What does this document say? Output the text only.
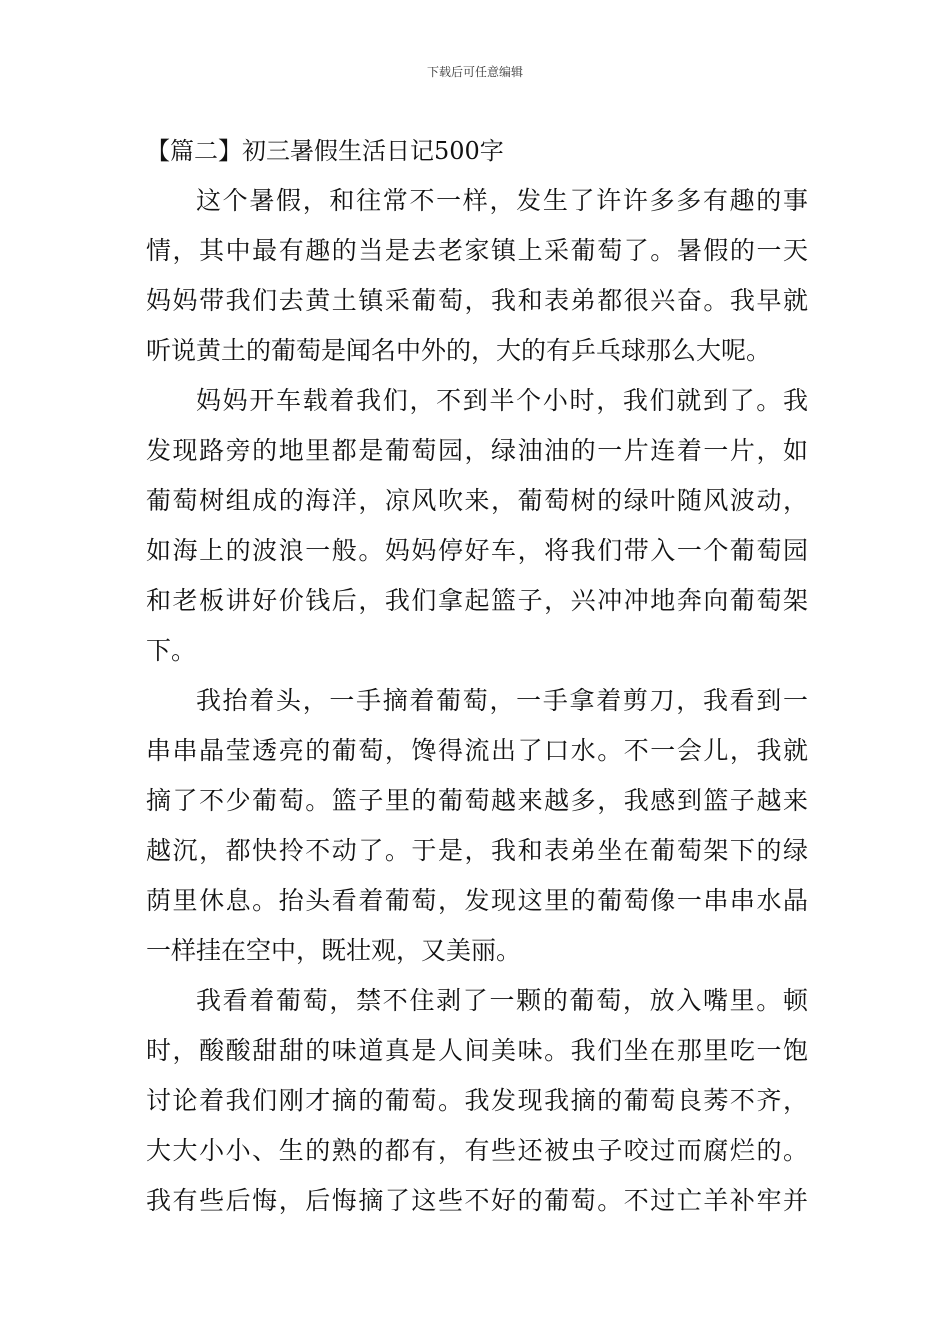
下载后可任意编辑
【篇二】初三暑假生活日记500字

这个暑假，和往常不一样，发生了许许多多有趣的事
情，其中最有趣的当是去老家镇上采葡萄了。暑假的一天
妈妈带我们去黄土镇采葡萄，我和表弟都很兴奋。我早就
听说黄土的葡萄是闻名中外的，大的有乒乓球那么大呢。

妈妈开车载着我们，不到半个小时，我们就到了。我
发现路旁的地里都是葡萄园，绿油油的一片连着一片，如
葡萄树组成的海洋，凉风吹来，葡萄树的绿叶随风波动，
如海上的波浪一般。妈妈停好车，将我们带入一个葡萄园
和老板讲好价钱后，我们拿起篮子，兴冲冲地奔向葡萄架
下。

我抬着头，一手摘着葡萄，一手拿着剪刀，我看到一
串串晶莹透亮的葡萄，馋得流出了口水。不一会儿，我就
摘了不少葡萄。篮子里的葡萄越来越多，我感到篮子越来
越沉，都快拎不动了。于是，我和表弟坐在葡萄架下的绿
荫里休息。抬头看着葡萄，发现这里的葡萄像一串串水晶
一样挂在空中，既壮观，又美丽。

我看着葡萄，禁不住剥了一颗的葡萄，放入嘴里。顿
时，酸酸甜甜的味道真是人间美味。我们坐在那里吃一饱
讨论着我们刚才摘的葡萄。我发现我摘的葡萄良莠不齐，
大大小小、生的熟的都有，有些还被虫子咬过而腐烂的。
我有些后悔，后悔摘了这些不好的葡萄。不过亡羊补牢并
